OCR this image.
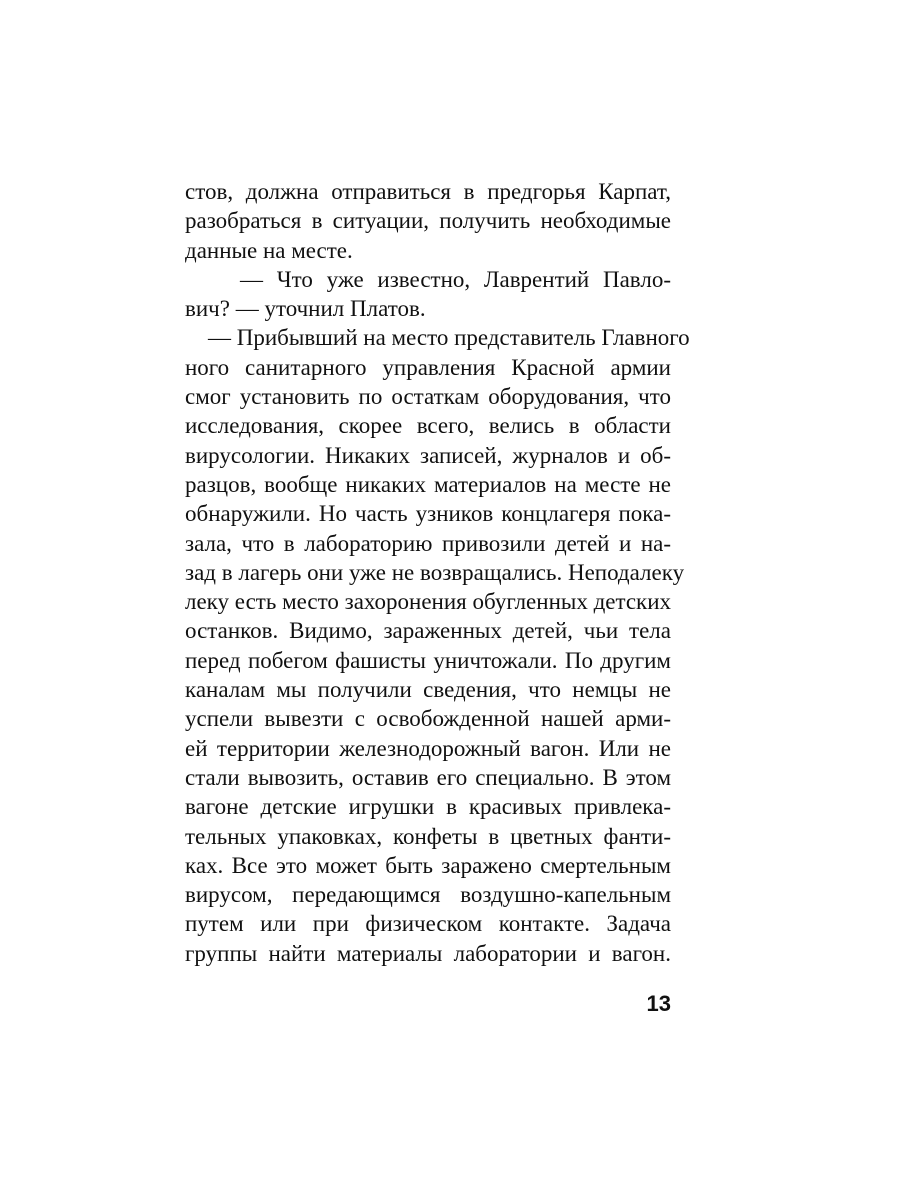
стов, должна отправиться в предгорья Карпат,
разобраться в ситуации, получить необходимые
данные на месте.
— Что уже известно, Лаврентий Павло-
вич? — уточнил Платов.
— Прибывший на место представитель Главного
ного санитарного управления Красной армии
смог установить по остаткам оборудования, что
исследования, скорее всего, велись в области
вирусологии. Никаких записей, журналов и об-
разцов, вообще никаких материалов на месте не
обнаружили. Но часть узников концлагеря пока-
зала, что в лабораторию привозили детей и на-
зад в лагерь они уже не возвращались. Неподалеку
леку есть место захоронения обугленных детских
останков. Видимо, зараженных детей, чьи тела
перед побегом фашисты уничтожали. По другим
каналам мы получили сведения, что немцы не
успели вывезти с освобожденной нашей арми-
ей территории железнодорожный вагон. Или не
стали вывозить, оставив его специально. В этом
вагоне детские игрушки в красивых привлека-
тельных упаковках, конфеты в цветных фанти-
ках. Все это может быть заражено смертельным
вирусом, передающимся воздушно-капельным
путем или при физическом контакте. Задача
группы найти материалы лаборатории и вагон.
13
